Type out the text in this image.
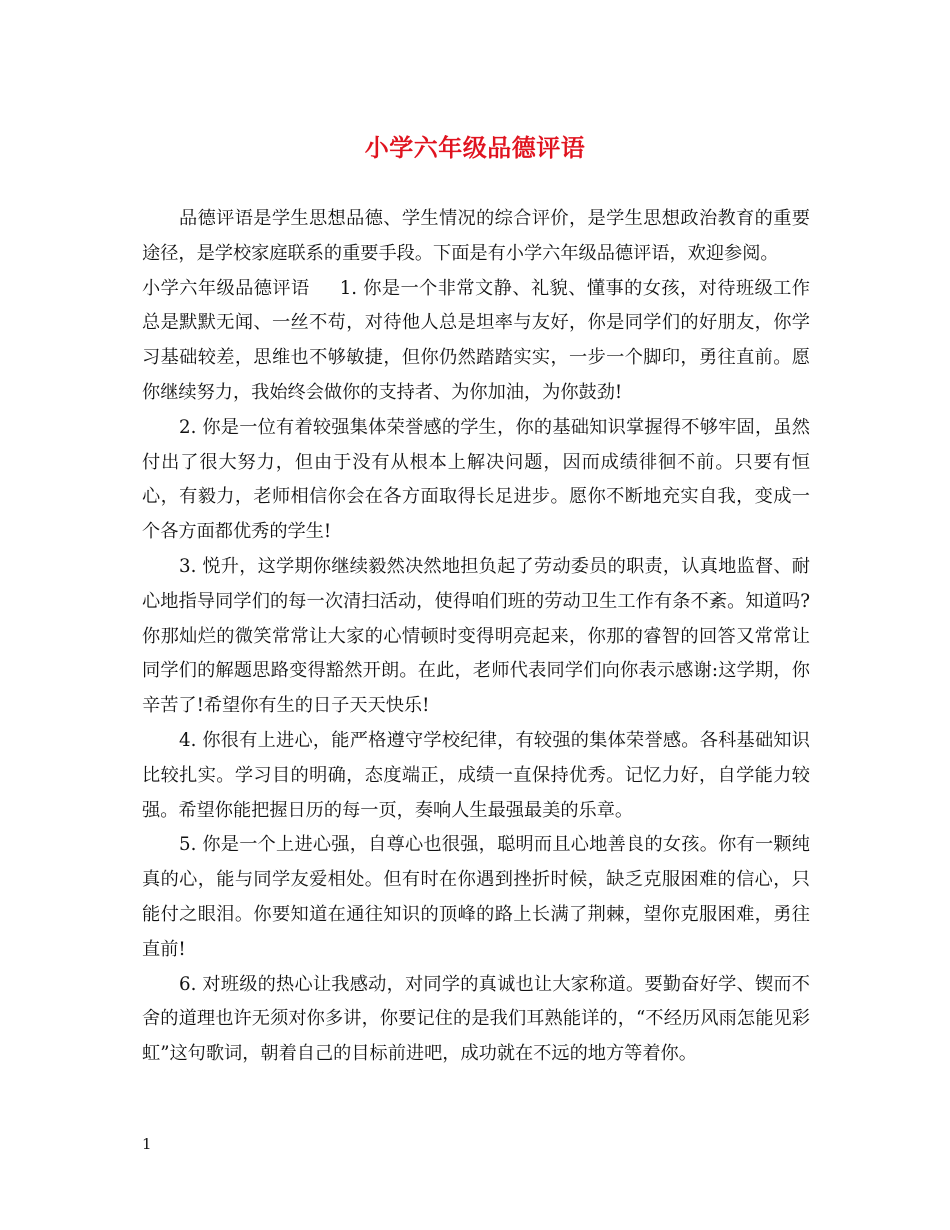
小学六年级品德评语

品德评语是学生思想品德、学生情况的综合评价，是学生思想政治教育的重要途径，是学校家庭联系的重要手段。下面是有小学六年级品德评语，欢迎参阅。

小学六年级品德评语 1. 你是一个非常文静、礼貌、懂事的女孩，对待班级工作总是默默无闻、一丝不苟，对待他人总是坦率与友好，你是同学们的好朋友，你学习基础较差，思维也不够敏捷，但你仍然踏踏实实，一步一个脚印，勇往直前。愿你继续努力，我始终会做你的支持者、为你加油，为你鼓劲!

2. 你是一位有着较强集体荣誉感的学生，你的基础知识掌握得不够牢固，虽然付出了很大努力，但由于没有从根本上解决问题，因而成绩徘徊不前。只要有恒心，有毅力，老师相信你会在各方面取得长足进步。愿你不断地充实自我，变成一个各方面都优秀的学生!

3. 悦升，这学期你继续毅然决然地担负起了劳动委员的职责，认真地监督、耐心地指导同学们的每一次清扫活动，使得咱们班的劳动卫生工作有条不紊。知道吗?你那灿烂的微笑常常让大家的心情顿时变得明亮起来，你那的睿智的回答又常常让同学们的解题思路变得豁然开朗。在此，老师代表同学们向你表示感谢:这学期，你辛苦了!希望你有生的日子天天快乐!

4. 你很有上进心，能严格遵守学校纪律，有较强的集体荣誉感。各科基础知识比较扎实。学习目的明确，态度端正，成绩一直保持优秀。记忆力好，自学能力较强。希望你能把握日历的每一页，奏响人生最强最美的乐章。

5. 你是一个上进心强，自尊心也很强，聪明而且心地善良的女孩。你有一颗纯真的心，能与同学友爱相处。但有时在你遇到挫折时候，缺乏克服困难的信心，只能付之眼泪。你要知道在通往知识的顶峰的路上长满了荆棘，望你克服困难，勇往直前!

6. 对班级的热心让我感动，对同学的真诚也让大家称道。要勤奋好学、锲而不舍的道理也许无须对你多讲，你要记住的是我们耳熟能详的，“不经历风雨怎能见彩虹”这句歌词，朝着自己的目标前进吧，成功就在不远的地方等着你。

1
